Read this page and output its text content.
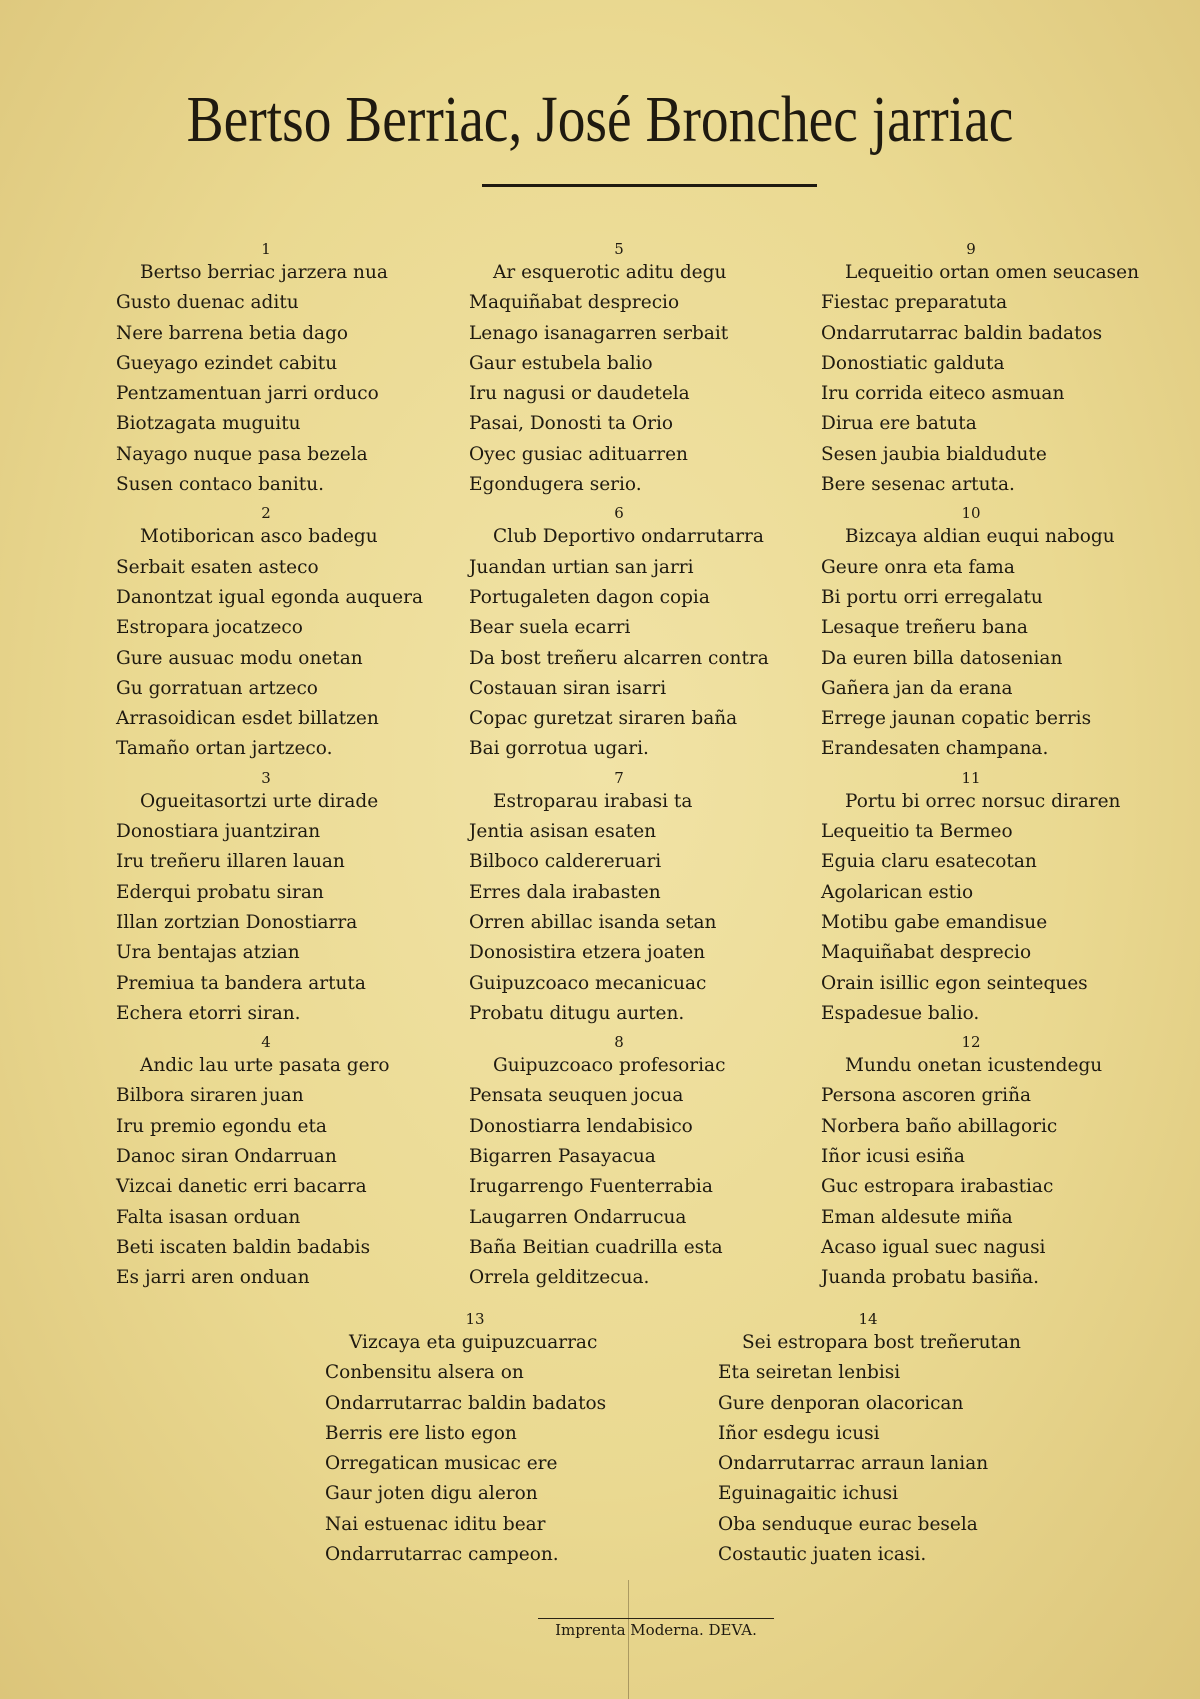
Bertso Berriac, José Bronchec jarriac
1
Bertso berriac jarzera nua
Gusto duenac aditu
Nere barrena betia dago
Gueyago ezindet cabitu
Pentzamentuan jarri orduco
Biotzagata muguitu
Nayago nuque pasa bezela
Susen contaco banitu.
2
Motiborican asco badegu
Serbait esaten asteco
Danontzat igual egonda auquera
Estropara jocatzeco
Gure ausuac modu onetan
Gu gorratuan artzeco
Arrasoidican esdet billatzen
Tamaño ortan jartzeco.
3
Ogueitasortzi urte dirade
Donostiara juantziran
Iru treñeru illaren lauan
Ederqui probatu siran
Illan zortzian Donostiarra
Ura bentajas atzian
Premiua ta bandera artuta
Echera etorri siran.
4
Andic lau urte pasata gero
Bilbora siraren juan
Iru premio egondu eta
Danoc siran Ondarruan
Vizcai danetic erri bacarra
Falta isasan orduan
Beti iscaten baldin badabis
Es jarri aren onduan
5
Ar esquerotic aditu degu
Maquiñabat desprecio
Lenago isanagarren serbait
Gaur estubela balio
Iru nagusi or daudetela
Pasai, Donosti ta Orio
Oyec gusiac adituarren
Egondugera serio.
6
Club Deportivo ondarrutarra
Juandan urtian san jarri
Portugaleten dagon copia
Bear suela ecarri
Da bost treñeru alcarren contra
Costauan siran isarri
Copac guretzat siraren baña
Bai gorrotua ugari.
7
Estroparau irabasi ta
Jentia asisan esaten
Bilboco caldereruari
Erres dala irabasten
Orren abillac isanda setan
Donosistira etzera joaten
Guipuzcoaco mecanicuac
Probatu ditugu aurten.
8
Guipuzcoaco profesoriac
Pensata seuquen jocua
Donostiarra lendabisico
Bigarren Pasayacua
Irugarrengo Fuenterrabia
Laugarren Ondarrucua
Baña Beitian cuadrilla esta
Orrela gelditzecua.
9
Lequeitio ortan omen seucasen
Fiestac preparatuta
Ondarrutarrac baldin badatos
Donostiatic galduta
Iru corrida eiteco asmuan
Dirua ere batuta
Sesen jaubia bialdudute
Bere sesenac artuta.
10
Bizcaya aldian euqui nabogu
Geure onra eta fama
Bi portu orri erregalatu
Lesaque treñeru bana
Da euren billa datosenian
Gañera jan da erana
Errege jaunan copatic berris
Erandesaten champana.
11
Portu bi orrec norsuc diraren
Lequeitio ta Bermeo
Eguia claru esatecotan
Agolarican estio
Motibu gabe emandisue
Maquiñabat desprecio
Orain isillic egon seinteques
Espadesue balio.
12
Mundu onetan icustendegu
Persona ascoren griña
Norbera baño abillagoric
Iñor icusi esiña
Guc estropara irabastiac
Eman aldesute miña
Acaso igual suec nagusi
Juanda probatu basiña.
13
Vizcaya eta guipuzcuarrac
Conbensitu alsera on
Ondarrutarrac baldin badatos
Berris ere listo egon
Orregatican musicac ere
Gaur joten digu aleron
Nai estuenac iditu bear
Ondarrutarrac campeon.
14
Sei estropara bost treñerutan
Eta seiretan lenbisi
Gure denporan olacorican
Iñor esdegu icusi
Ondarrutarrac arraun lanian
Eguinagaitic ichusi
Oba senduque eurac besela
Costautic juaten icasi.
Imprenta Moderna. DEVA.
